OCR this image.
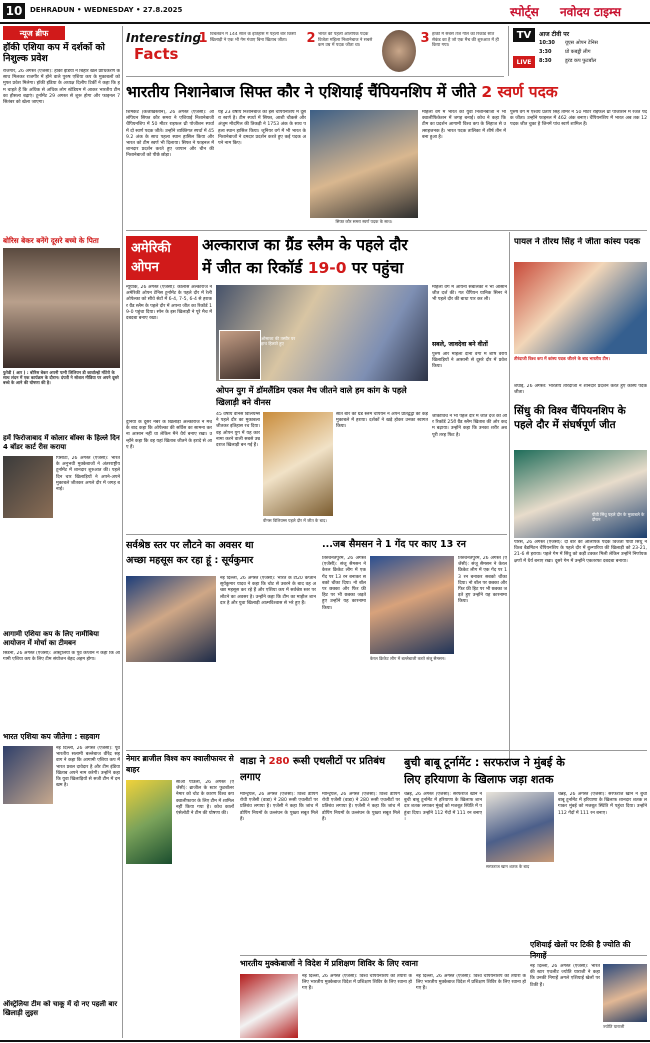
10	DEHRADUN • WEDNESDAY • 27.8.2025	स्पोर्ट्स नवोदय टाइम्स
न्यूज ब्रीफ
हॉकी एशिया कप में दर्शकों को निशुल्क प्रवेश
राजगीर, 26 अगस्त (एजेंसी): हॉकी इंडिया ने बिहार खेल प्राधिकरण के साथ मिलकर राजगीर में होने वाले पुरुष एशिया कप के मुकाबलों को मुफ्त प्रवेश मिलेगा। हॉकी इंडिया के अध्यक्ष दिलीप टिर्की ने कहा कि हम चाहते हैं कि अधिक से अधिक लोग स्टेडियम में आकर भारतीय टीम का हौसला बढ़ाएं। टूर्नामेंट 29 अगस्त से शुरू होगा और फाइनल 7 सितंबर को खेला जाएगा।
बोरिस बेकर बनेंगे दूसरे बच्चे के पिता
फुरेडी ( आर ) : बोरिस बेकर अपनी पत्नी लिलियन डी कार्वाल्हो मोंटेरो के साथ लंदन में एक कार्यक्रम के दौरान। दंपती ने सोशल मीडिया पर अपने दूसरे बच्चे के आने की घोषणा की है।
हमें फिरोजाबाद में कोलार बॉक्स के हिल्ले दिन 4 बॉडर कार्ट रीस कराया
पिसाटा, 26 अगस्त (एजेंसी): भारत के अनुभवी मुक्केबाजों ने अंतरराष्ट्रीय टूर्नामेंट में शानदार शुरुआत की। पहले दिन चार खिलाड़ियों ने अपने-अपने मुकाबले जीतकर अगले दौर में जगह बनाई।
आगामी एशिया कप के लिए नामीबिया आयोजन में मोर्चा का टीमबन
सिडनी, 26 अगस्त (एजेंसी): ऑस्ट्रेलिया के पूर्व कप्तान ने कहा कि आगामी एशिया कप के लिए टीम संयोजन बेहद अहम होगा।
भारत एशिया कप जीतेगा : सहवाग
नई दिल्ली, 26 अगस्त (एजेंसी): पूर्व भारतीय सलामी बल्लेबाज वीरेंद्र सहवाग ने कहा कि आगामी एशिया कप में भारत प्रबल दावेदार है और टीम इंडिया खिताब अपने नाम करेगी। उन्होंने कहा कि युवा खिलाड़ियों से सजी टीम में दमखम है।
ऑस्ट्रेलिया टीम को चाकू में दो नए पहली बार खिलाड़ी लुइस
Interesting
Facts
1 विंबलडन में 144 साल के इतिहास में पहली बार किसी खिलाड़ी ने एक भी गेम गंवाए बिना खिताब जीता।	2 भारत की पहली ओलंपिक पदक विजेता महिला निशानेबाज ने सबसे कम उम्र में पदक जीता था।
3 हॉकी में सबसे तेज गोल का रिकॉर्ड सात सेकंड का है जो एक मैच की शुरुआत में ही किया गया।
TV	आज टीवी पर
10:30 यूएस ओपन टेनिस
3:30	प्रो कबड्डी लीग
8:30	डूरंड कप फुटबॉल
LIVE
भारतीय निशानेबाज सिफ्त कौर ने एशियाई चैंपियनशिप में जीते 2 स्वर्ण पदक
शिमकेंट (कजाखस्तान), 26 अगस्त (एजेंसी): ओलंपियन सिफ्त कौर समरा ने एशियाई निशानेबाजी चैंपियनशिप में 50 मीटर राइफल थ्री पोजीशन स्पर्धा में दो स्वर्ण पदक जीते। उन्होंने व्यक्तिगत स्पर्धा में 459.2 अंक के साथ पहला स्थान हासिल किया और भारत को टीम स्वर्ण भी दिलाया। सिफ्त ने फाइनल में शानदार प्रदर्शन करते हुए जापान और चीन की निशानेबाजों को पीछे छोड़ा।
यह 23 वर्षीय निशानेबाज का इस चैंपियनशिप में दूसरा स्वर्ण है। टीम स्पर्धा में सिफ्त, आशी चौकसे और अंजुम मौदगिल की तिकड़ी ने 1753 अंक के साथ पहला स्थान हासिल किया। जूनियर वर्ग में भी भारत के निशानेबाजों ने दमदार प्रदर्शन करते हुए कई पदक अपने नाम किए।
सिफ्त कौर समरा स्वर्ण पदक के साथ।
महिला वर्ग में भारत की युवा निशानेबाजों ने भी क्वालीफिकेशन में जगह बनाई। कोच ने कहा कि टीम का प्रदर्शन आगामी विश्व कप के लिहाज से उत्साहजनक है। भारत पदक तालिका में शीर्ष तीन में बना हुआ है।
पुरुष वर्ग में ऐश्वर्य प्रताप सिंह तोमर ने 50 मीटर राइफल थ्री पोजीशन में रजत पदक जीता। उन्होंने फाइनल में 462 अंक बनाए। चैंपियनशिप में भारत अब तक 12 पदक जीत चुका है जिनमें पांच स्वर्ण शामिल हैं।
अमेरिकी
ओपन
अल्काराज का ग्रैंड स्लैम के पहले दौर
में जीत का रिकॉर्ड 19-0 पर पहुंचा
न्यूयॉर्क, 26 अगस्त (एजेंसी): कार्लोस अल्काराज ने अमेरिकी ओपन टेनिस टूर्नामेंट के पहले दौर में रेली ओपेल्का को सीधे सेटों में 6-4, 7-5, 6-4 से हराकर ग्रैंड स्लैम के पहले दौर में अपना जीत का रिकॉर्ड 19-0 पहुंचा दिया। स्पेन के इस खिलाड़ी ने पूरे मैच में दबदबा बनाए रखा।
दुनिया के दूसरे नंबर के खिलाड़ी अल्काराज ने मैच के बाद कहा कि ओपेल्का की सर्विस का सामना करना आसान नहीं था लेकिन मैंने धैर्य बनाए रखा। उन्होंने कहा कि वह यहां खिताब जीतने के इरादे से आए हैं।
ओसाका की तस्वीर पर हाथ हिलाते हुए
ओपन युग में डॉमलैंडिम एकल मैच जीतने वाले हम कांग के पहले खिलाड़ी बने वीनस
45 वर्षीय वीनस विलियम्स ने पहले दौर का मुकाबला जीतकर इतिहास रच दिया। वह ओपन युग में यह कारनामा करने वाली सबसे उम्रदराज खिलाड़ी बन गई हैं।
वीनस विलियम्स पहले दौर में जीत के बाद।
सात बार की ग्रैंड स्लैम चैंपियन ने अपने प्रतिद्वंद्वी को कड़े मुकाबले में हराया। दर्शकों ने खड़े होकर उनका स्वागत किया।
महिला वर्ग में आर्यना सबालेंका ने भी आसान जीत दर्ज की। गत चैंपियन यानिक सिनर ने भी पहले दौर की बाधा पार कर ली।
सबले, जावदेवा बने वीतों
पुरुष और महिला दोनों वर्गों में शीर्ष वरीय खिलाड़ियों ने आसानी से दूसरे दौर में प्रवेश किया।
जोकोविच ने भी पहले दौर में जीत दर्ज की और रिकॉर्ड 25वें ग्रैंड स्लैम खिताब की ओर कदम बढ़ाया। उन्होंने कहा कि उनका शरीर अब पूरी तरह फिट है।
पायल ने तीरथ सिंह ने जीता कांस्य पदक
तीरंदाजी विश्व कप में कांस्य पदक जीतने के बाद भारतीय टीम।
शंघाई, 26 अगस्त: भारतीय तीरंदाजों ने शानदार प्रदर्शन करते हुए कांस्य पदक जीता।
सिंधु की विश्व चैंपियनशिप के पहले दौर में संघर्षपूर्ण जीत
पीवी सिंधु पहले दौर के मुकाबले के दौरान
पेरिस, 26 अगस्त (एजेंसी): दो बार की ओलंपिक पदक विजेता पीवी सिंधु ने विश्व बैडमिंटन चैंपियनशिप के पहले दौर में बुल्गारिया की खिलाड़ी को 23-21, 21-6 से हराया। पहले गेम में सिंधु को कड़ी टक्कर मिली लेकिन उन्होंने निर्णायक क्षणों में धैर्य बनाए रखा। दूसरे गेम में उन्होंने एकतरफा दबदबा बनाया।
सर्वश्रेष्ठ स्तर पर लौटने का अवसर था
अच्छा महसूस कर रहा हूं : सूर्यकुमार
नई दिल्ली, 26 अगस्त (एजेंसी): भारत के टी20 कप्तान सूर्यकुमार यादव ने कहा कि चोट से उबरने के बाद वह अच्छा महसूस कर रहे हैं और एशिया कप में सर्वश्रेष्ठ स्तर पर लौटने का अवसर है। उन्होंने कहा कि टीम का माहौल शानदार है और युवा खिलाड़ी आत्मविश्वास से भरे हुए हैं।
...जब सैमसन ने 1 गेंद पर काए 13 रन
तिरुवनंतपुरम, 26 अगस्त (एजेंसी): संजू सैमसन ने केरल क्रिकेट लीग में एक गेंद पर 13 रन बनाकर सबको चौंका दिया। नो बॉल पर छक्का और फिर फ्री हिट पर भी छक्का जड़ते हुए उन्होंने यह कारनामा किया।
केरल क्रिकेट लीग में बल्लेबाजी करते संजू सैमसन।
तिरुवनंतपुरम, 26 अगस्त (एजेंसी): संजू सैमसन ने केरल क्रिकेट लीग में एक गेंद पर 13 रन बनाकर सबको चौंका दिया। नो बॉल पर छक्का और फिर फ्री हिट पर भी छक्का जड़ते हुए उन्होंने यह कारनामा किया।
नेमार ब्राजील विश्व कप क्वालीफायर से बाहर
साओ पाउलो, 26 अगस्त (एजेंसी): ब्राजील के स्टार फुटबॉलर नेमार को चोट के कारण विश्व कप क्वालीफायर के लिए टीम में शामिल नहीं किया गया है। कोच कार्लो एंसेलोटी ने टीम की घोषणा की।
वाडा ने 280 रूसी एथलीटों पर प्रतिबंध लगाए
मॉन्ट्रियल, 26 अगस्त (एजेंसी): विश्व डोपिंग रोधी एजेंसी (वाडा) ने 280 रूसी एथलीटों पर प्रतिबंध लगाया है। एजेंसी ने कहा कि जांच में डोपिंग नियमों के उल्लंघन के पुख्ता सबूत मिले हैं।
मॉन्ट्रियल, 26 अगस्त (एजेंसी): विश्व डोपिंग रोधी एजेंसी (वाडा) ने 280 रूसी एथलीटों पर प्रतिबंध लगाया है। एजेंसी ने कहा कि जांच में डोपिंग नियमों के उल्लंघन के पुख्ता सबूत मिले हैं।
बुची बाबू टूर्नामेंट : सरफराज ने मुंबई के
लिए हरियाणा के खिलाफ जड़ा शतक
चेन्नई, 26 अगस्त (एजेंसी): सरफराज खान ने बुची बाबू टूर्नामेंट में हरियाणा के खिलाफ शानदार शतक लगाकर मुंबई को मजबूत स्थिति में पहुंचा दिया। उन्होंने 112 गेंदों में 111 रन बनाए।
सरफराज खान शतक के बाद
चेन्नई, 26 अगस्त (एजेंसी): सरफराज खान ने बुची बाबू टूर्नामेंट में हरियाणा के खिलाफ शानदार शतक लगाकर मुंबई को मजबूत स्थिति में पहुंचा दिया। उन्होंने 112 गेंदों में 111 रन बनाए।
भारतीय मुक्केबाजों ने विदेश में प्रशिक्षण शिविर के लिए रवाना
नई दिल्ली, 26 अगस्त (एजेंसी): विश्व चैंपियनशिप की तैयारी के लिए भारतीय मुक्केबाज विदेश में प्रशिक्षण शिविर के लिए रवाना हो गए हैं।
नई दिल्ली, 26 अगस्त (एजेंसी): विश्व चैंपियनशिप की तैयारी के लिए भारतीय मुक्केबाज विदेश में प्रशिक्षण शिविर के लिए रवाना हो गए हैं।
एशियाई खेलों पर टिकी है ज्योति की निगाहें
नई दिल्ली, 26 अगस्त (एजेंसी): भारत की स्टार एथलीट ज्योति याराजी ने कहा कि उनकी निगाहें अगले एशियाई खेलों पर टिकी हैं।
ज्योति याराजी
